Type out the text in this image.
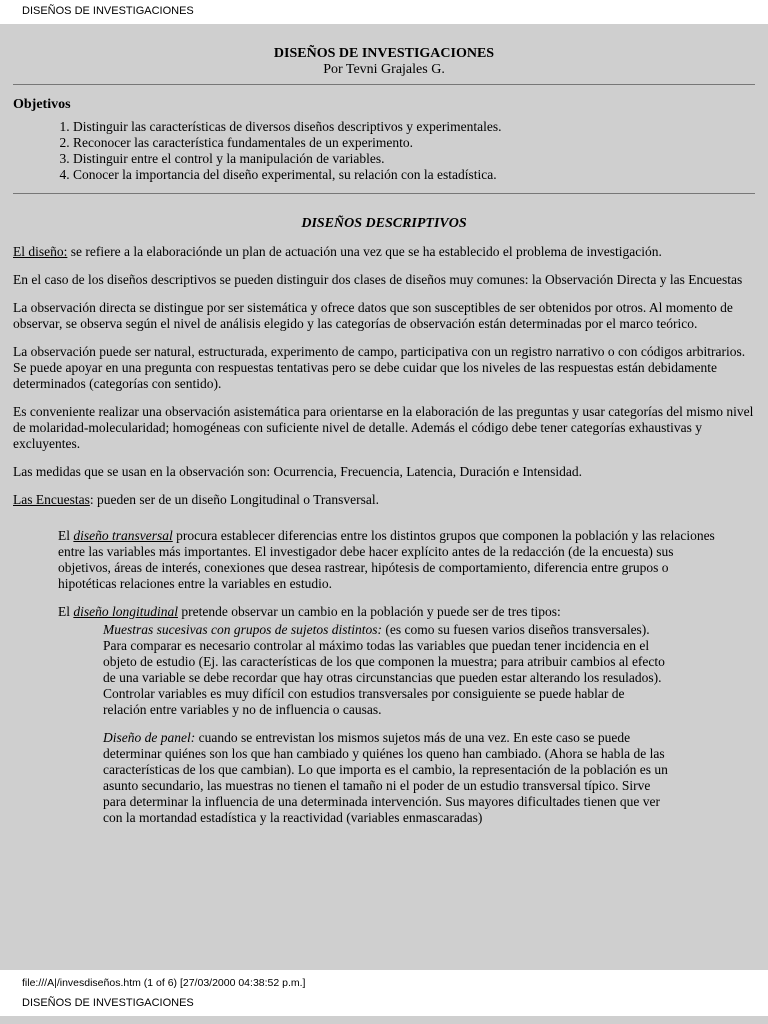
DISEÑOS DE INVESTIGACIONES
DISEÑOS DE INVESTIGACIONES
Por Tevni Grajales G.
Objetivos
1. Distinguir las características de diversos diseños descriptivos y experimentales.
2. Reconocer las característica fundamentales de un experimento.
3. Distinguir entre el control y la manipulación de variables.
4. Conocer la importancia del diseño experimental, su relación con la estadística.
DISEÑOS DESCRIPTIVOS

El diseño: se refiere a la elaboraciónde un plan de actuación una vez que se ha establecido el problema de investigación.

En el caso de los diseños descriptivos se pueden distinguir dos clases de diseños muy comunes: la Observación Directa y las Encuestas

La observación directa se distingue por ser sistemática y ofrece datos que son susceptibles de ser obtenidos por otros. Al momento de observar, se observa según el nivel de análisis elegido y las categorías de observación están determinadas por el marco teórico.

La observación puede ser natural, estructurada, experimento de campo, participativa con un registro narrativo o con códigos arbitrarios. Se puede apoyar en una pregunta con respuestas tentativas pero se debe cuidar que los niveles de las respuestas están debidamente determinados (categorías con sentido).

Es conveniente realizar una observación asistemática para orientarse en la elaboración de las preguntas y usar categorías del mismo nivel de molaridad-molecularidad; homogéneas con suficiente nivel de detalle. Además el código debe tener categorías exhaustivas y excluyentes.

Las medidas que se usan en la observación son: Ocurrencia, Frecuencia, Latencia, Duración e Intensidad.

Las Encuestas: pueden ser de un diseño Longitudinal o Transversal.

El diseño transversal procura establecer diferencias entre los distintos grupos que componen la población y las relaciones entre las variables más importantes. El investigador debe hacer explícito antes de la redacción (de la encuesta) sus objetivos, áreas de interés, conexiones que desea rastrear, hipótesis de comportamiento, diferencia entre grupos o hipotéticas relaciones entre la variables en estudio.

El diseño longitudinal pretende observar un cambio en la población y puede ser de tres tipos:

Muestras sucesivas con grupos de sujetos distintos: (es como su fuesen varios diseños transversales). Para comparar es necesario controlar al máximo todas las variables que puedan tener incidencia en el objeto de estudio (Ej. las características de los que componen la muestra; para atribuir cambios al efecto de una variable se debe recordar que hay otras circunstancias que pueden estar alterando los resulados). Controlar variables es muy difícil con estudios transversales por consiguiente se puede hablar de relación entre variables y no de influencia o causas.

Diseño de panel: cuando se entrevistan los mismos sujetos más de una vez. En este caso se puede determinar quiénes son los que han cambiado y quiénes los queno han cambiado. (Ahora se habla de las características de los que cambian). Lo que importa es el cambio, la representación de la población es un asunto secundario, las muestras no tienen el tamaño ni el poder de un estudio transversal típico. Sirve para determinar la influencia de una determinada intervención. Sus mayores dificultades tienen que ver con la mortandad estadística y la reactividad (variables enmascaradas)

file:///A|/invesdiseños.htm (1 of 6) [27/03/2000 04:38:52 p.m.]
DISEÑOS DE INVESTIGACIONES
